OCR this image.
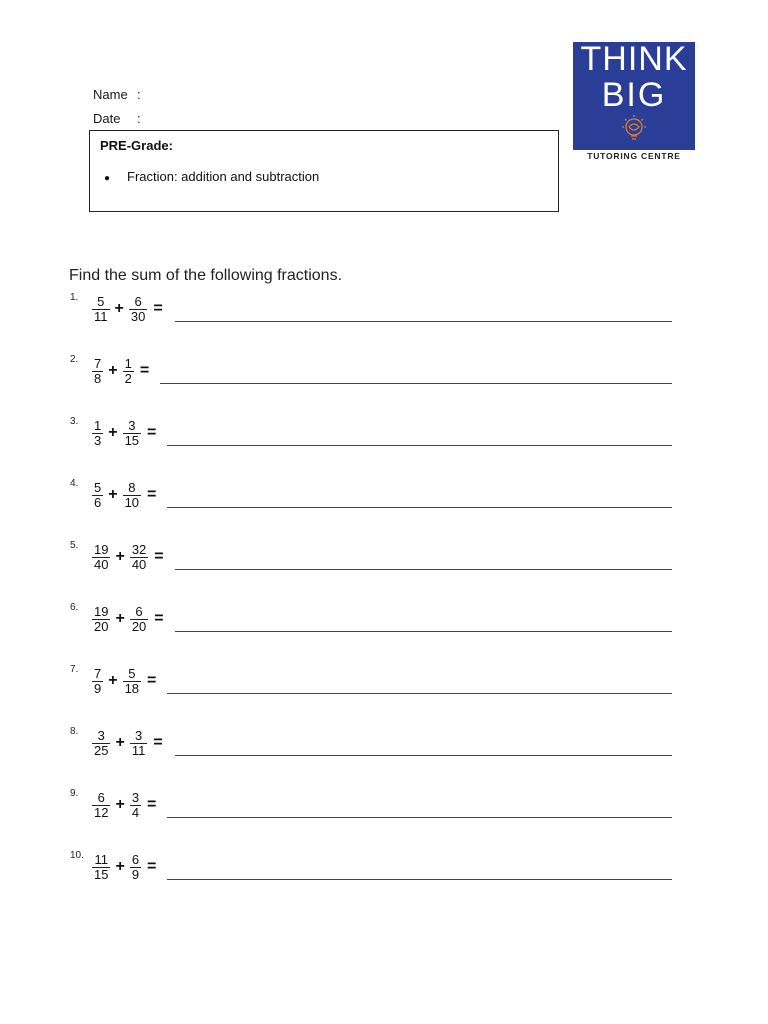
Name :
Date :
PRE-Grade:
● Fraction: addition and subtraction
THINK
BIG
TUTORING CENTRE
Find the sum of the following fractions.
1. $\frac{5}{11} + \frac{6}{30}$ =
2. $\frac{7}{8} + \frac{1}{2}$ =
3. $\frac{1}{3} + \frac{3}{15}$ =
4. $\frac{5}{6} + \frac{8}{10}$ =
5. $\frac{19}{40} + \frac{32}{40}$ =
6. $\frac{19}{20} + \frac{6}{20}$ =
7. $\frac{7}{9} + \frac{5}{18}$ =
8. $\frac{3}{25} + \frac{3}{11}$ =
9. $\frac{6}{12} + \frac{3}{4}$ =
10. $\frac{11}{15} + \frac{6}{9}$ =
